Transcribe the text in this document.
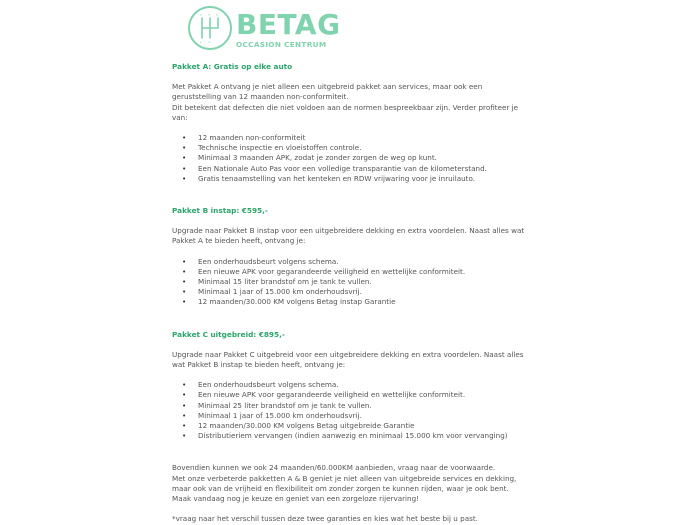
1 3 5
2 4
BETAG
OCCASION CENTRUM

Pakket A: Gratis op elke auto

Met Pakket A ontvang je niet alleen een uitgebreid pakket aan services, maar ook een geruststelling van 12 maanden non-conformiteit.

Dit betekent dat defecten die niet voldoen aan de normen bespreekbaar zijn. Verder profiteer je van:

• 12 maanden non-conformiteit
• Technische inspectie en vloeistoffen controle.
• Minimaal 3 maanden APK, zodat je zonder zorgen de weg op kunt.
• Een Nationale Auto Pas voor een volledige transparantie van de kilometerstand.
• Gratis tenaamstelling van het kenteken en RDW vrijwaring voor je inruilauto.

Pakket B instap: €595,-

Upgrade naar Pakket B instap voor een uitgebreidere dekking en extra voordelen. Naast alles wat Pakket A te bieden heeft, ontvang je:

• Een onderhoudsbeurt volgens schema.
• Een nieuwe APK voor gegarandeerde veiligheid en wettelijke conformiteit.
• Minimaal 15 liter brandstof om je tank te vullen.
• Minimaal 1 jaar of 15.000 km onderhoudsvrij.
• 12 maanden/30.000 KM volgens Betag instap Garantie

Pakket C uitgebreid: €895,-

Upgrade naar Pakket C uitgebreid voor een uitgebreidere dekking en extra voordelen. Naast alles wat Pakket B instap te bieden heeft, ontvang je:

• Een onderhoudsbeurt volgens schema.
• Een nieuwe APK voor gegarandeerde veiligheid en wettelijke conformiteit.
• Minimaal 25 liter brandstof om je tank te vullen.
• Minimaal 1 jaar of 15.000 km onderhoudsvrij.
• 12 maanden/30.000 KM volgens Betag uitgebreide Garantie
• Distributieriem vervangen (indien aanwezig en minimaal 15.000 km voor vervanging)

Bovendien kunnen we ook 24 maanden/60.000KM aanbieden, vraag naar de voorwaarde.

Met onze verbeterde pakketten A & B geniet je niet alleen van uitgebreide services en dekking, maar ook van de vrijheid en flexibiliteit om zonder zorgen te kunnen rijden, waar je ook bent.

Maak vandaag nog je keuze en geniet van een zorgeloze rijervaring!

*vraag naar het verschil tussen deze twee garanties en kies wat het beste bij u past.
